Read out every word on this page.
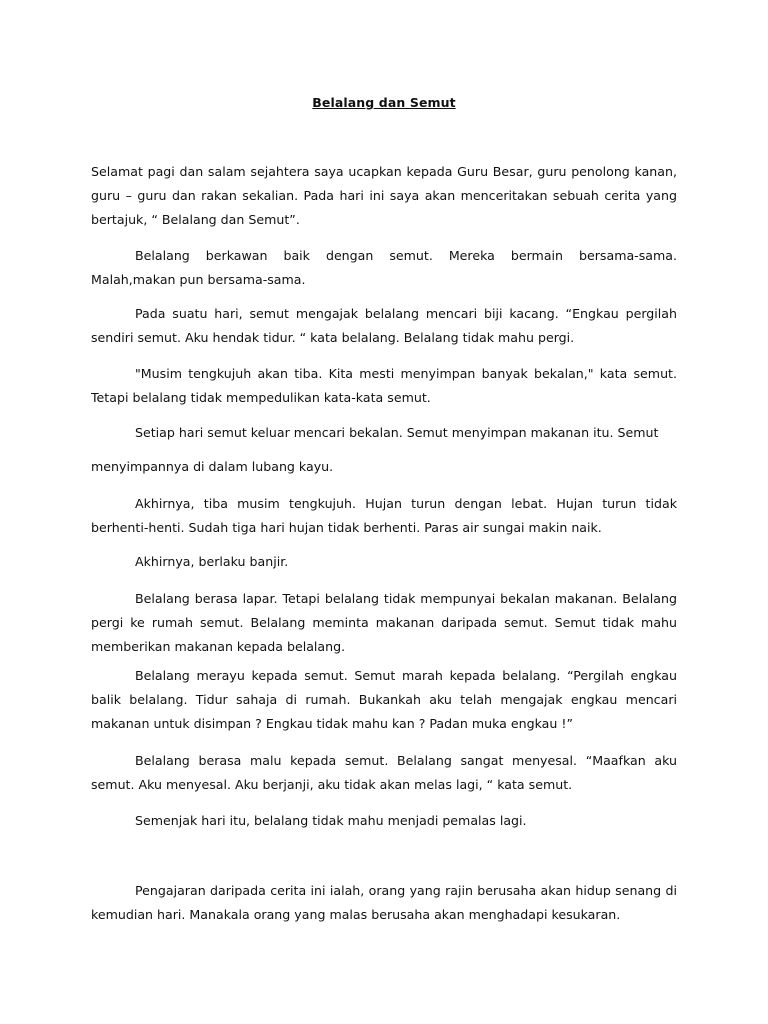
Belalang dan Semut

Selamat pagi dan salam sejahtera saya ucapkan kepada Guru Besar, guru penolong kanan, guru – guru dan rakan sekalian. Pada hari ini saya akan menceritakan sebuah cerita yang bertajuk, “ Belalang dan Semut”.

Belalang berkawan baik dengan semut. Mereka bermain bersama-sama. Malah,makan pun bersama-sama.

Pada suatu hari, semut mengajak belalang mencari biji kacang. “Engkau pergilah sendiri semut. Aku hendak tidur. “ kata belalang. Belalang tidak mahu pergi.

"Musim tengkujuh akan tiba. Kita mesti menyimpan banyak bekalan," kata semut. Tetapi belalang tidak mempedulikan kata-kata semut.

Setiap hari semut keluar mencari bekalan. Semut menyimpan makanan itu. Semut

menyimpannya di dalam lubang kayu.

Akhirnya, tiba musim tengkujuh. Hujan turun dengan lebat. Hujan turun tidak berhenti-henti. Sudah tiga hari hujan tidak berhenti. Paras air sungai makin naik.

Akhirnya, berlaku banjir.

Belalang berasa lapar. Tetapi belalang tidak mempunyai bekalan makanan. Belalang pergi ke rumah semut. Belalang meminta makanan daripada semut. Semut tidak mahu memberikan makanan kepada belalang.

Belalang merayu kepada semut. Semut marah kepada belalang. “Pergilah engkau balik belalang. Tidur sahaja di rumah. Bukankah aku telah mengajak engkau mencari makanan untuk disimpan ? Engkau tidak mahu kan ? Padan muka engkau !”

Belalang berasa malu kepada semut. Belalang sangat menyesal. “Maafkan aku semut. Aku menyesal. Aku berjanji, aku tidak akan melas lagi, “ kata semut.

Semenjak hari itu, belalang tidak mahu menjadi pemalas lagi.

Pengajaran daripada cerita ini ialah, orang yang rajin berusaha akan hidup senang di kemudian hari. Manakala orang yang malas berusaha akan menghadapi kesukaran.
